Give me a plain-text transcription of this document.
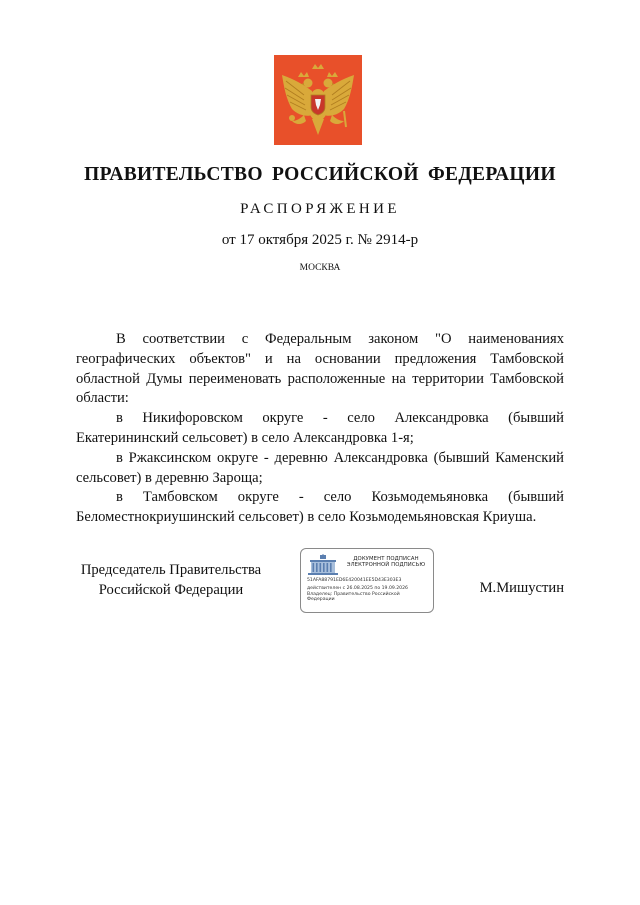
ПРАВИТЕЛЬСТВО РОССИЙСКОЙ ФЕДЕРАЦИИ
РАСПОРЯЖЕНИЕ
от 17 октября 2025 г. № 2914-р
МОСКВА

В соответствии с Федеральным законом "О наименованиях географических объектов" и на основании предложения Тамбовской областной Думы переименовать расположенные на территории Тамбовской области:

в Никифоровском округе - село Александровка (бывший Екатерининский сельсовет) в село Александровка 1-я;

в Ржаксинском округе - деревню Александровка (бывший Каменский сельсовет) в деревню Зароща;

в Тамбовском округе - село Козьмодемьяновка (бывший Беломестнокриушинский сельсовет) в село Козьмодемьяновская Криуша.

Председатель Правительства
Российской Федерации
ДОКУМЕНТ ПОДПИСАН
ЭЛЕКТРОННОЙ ПОДПИСЬЮ
51AFA88791ED6E420041EE5D43E303E3
действителен с 26.08.2025 по 19.09.2026
Владелец: Правительство Российской
Федерации
М.Мишустин
